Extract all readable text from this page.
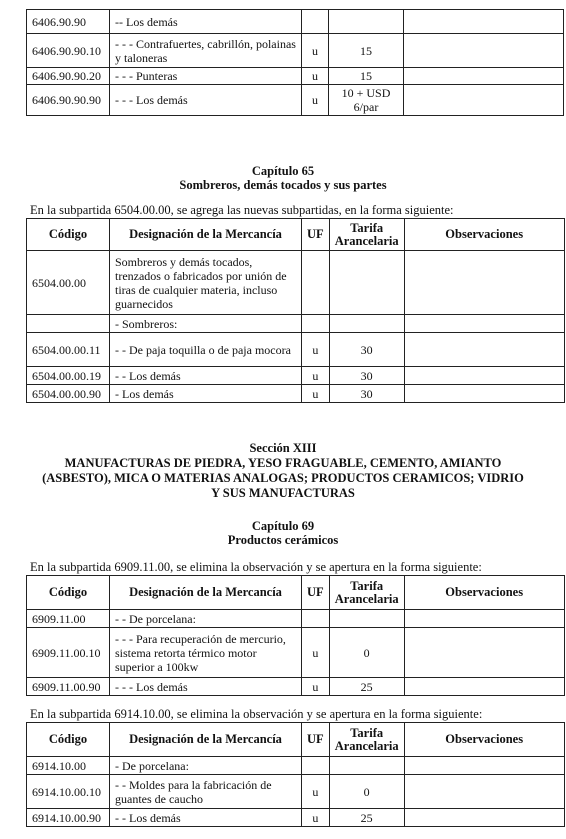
6406.90.90	-- Los demás			
6406.90.90.10	- - - Contrafuertes, cabrillón, polainas y taloneras	u	15	
6406.90.90.20	- - - Punteras	u	15	
6406.90.90.90	- - - Los demás	u	10 + USD 6/par	
Capítulo 65
Sombreros, demás tocados y sus partes
En la subpartida 6504.00.00, se agrega las nuevas subpartidas, en la forma siguiente:
Código	Designación de la Mercancía	UF	Tarifa Arancelaria	Observaciones
6504.00.00	Sombreros y demás tocados, trenzados o fabricados por unión de tiras de cualquier materia, incluso guarnecidos			
	- Sombreros:			
6504.00.00.11	- - De paja toquilla o de paja mocora	u	30	
6504.00.00.19	- - Los demás	u	30	
6504.00.00.90	- Los demás	u	30	
Sección XIII
MANUFACTURAS DE PIEDRA, YESO FRAGUABLE, CEMENTO, AMIANTO
(ASBESTO), MICA O MATERIAS ANALOGAS; PRODUCTOS CERAMICOS; VIDRIO
Y SUS MANUFACTURAS
Capítulo 69
Productos cerámicos
En la subpartida 6909.11.00, se elimina la observación y se apertura en la forma siguiente:
Código	Designación de la Mercancía	UF	Tarifa Arancelaria	Observaciones
6909.11.00	- - De porcelana:			
6909.11.00.10	- - - Para recuperación de mercurio, sistema retorta térmico motor superior a 100kw	u	0	
6909.11.00.90	- - - Los demás	u	25	
En la subpartida 6914.10.00, se elimina la observación y se apertura en la forma siguiente:
Código	Designación de la Mercancía	UF	Tarifa Arancelaria	Observaciones
6914.10.00	- De porcelana:			
6914.10.00.10	- - Moldes para la fabricación de guantes de caucho	u	0	
6914.10.00.90	- - Los demás	u	25	
